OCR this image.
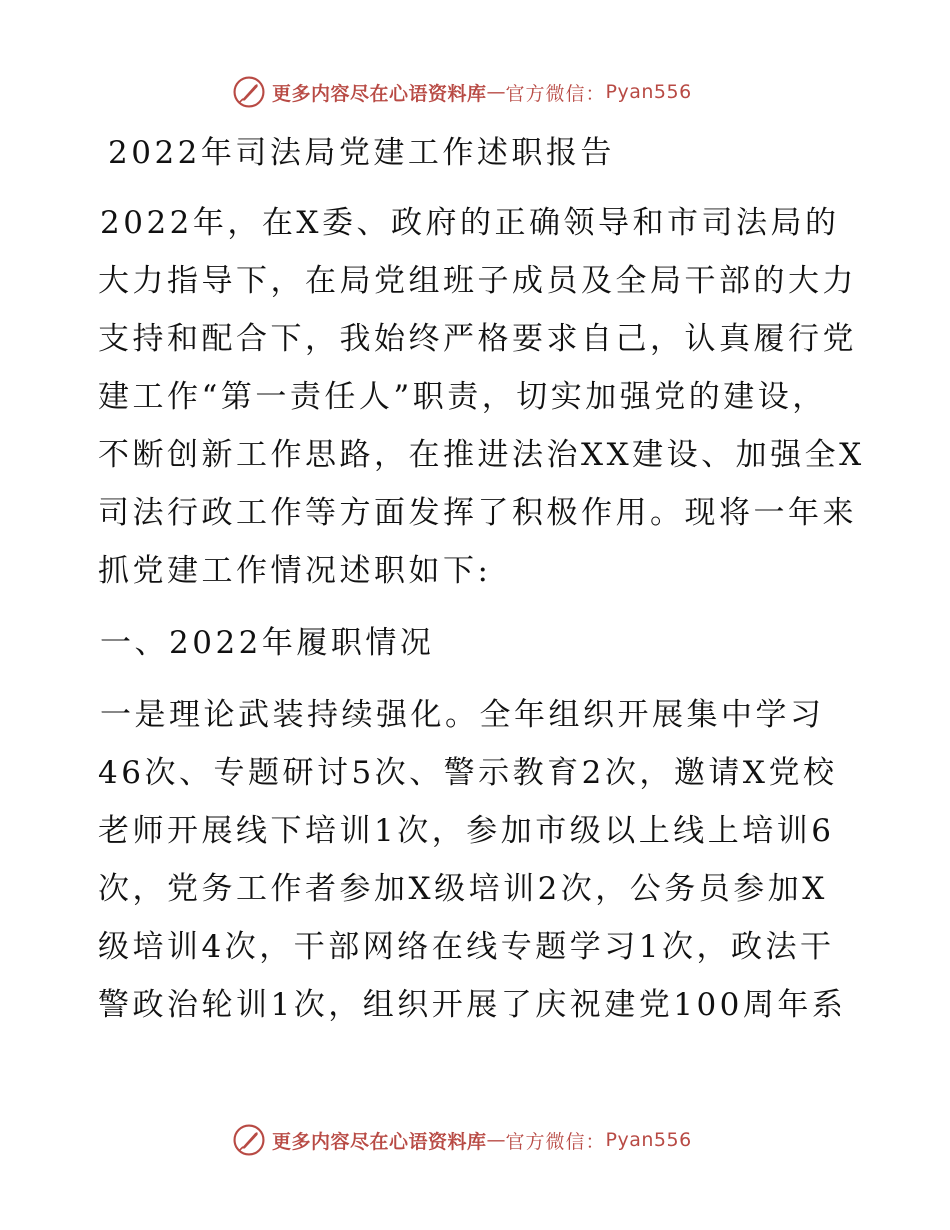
更多内容尽在心语资料库 — 官方微信： Pyan556

2022年司法局党建工作述职报告

2022年，在X委、政府的正确领导和市司法局的

大力指导下，在局党组班子成员及全局干部的大力

支持和配合下，我始终严格要求自己，认真履行党

建工作“第一责任人”职责，切实加强党的建设，

不断创新工作思路，在推进法治XX建设、加强全X

司法行政工作等方面发挥了积极作用。现将一年来

抓党建工作情况述职如下:

一、2022年履职情况

一是理论武装持续强化。全年组织开展集中学习

46次、专题研讨5次、警示教育2次，邀请X党校

老师开展线下培训1次，参加市级以上线上培训6

次，党务工作者参加X级培训2次，公务员参加X

级培训4次，干部网络在线专题学习1次，政法干

警政治轮训1次，组织开展了庆祝建党100周年系

更多内容尽在心语资料库 — 官方微信： Pyan556
